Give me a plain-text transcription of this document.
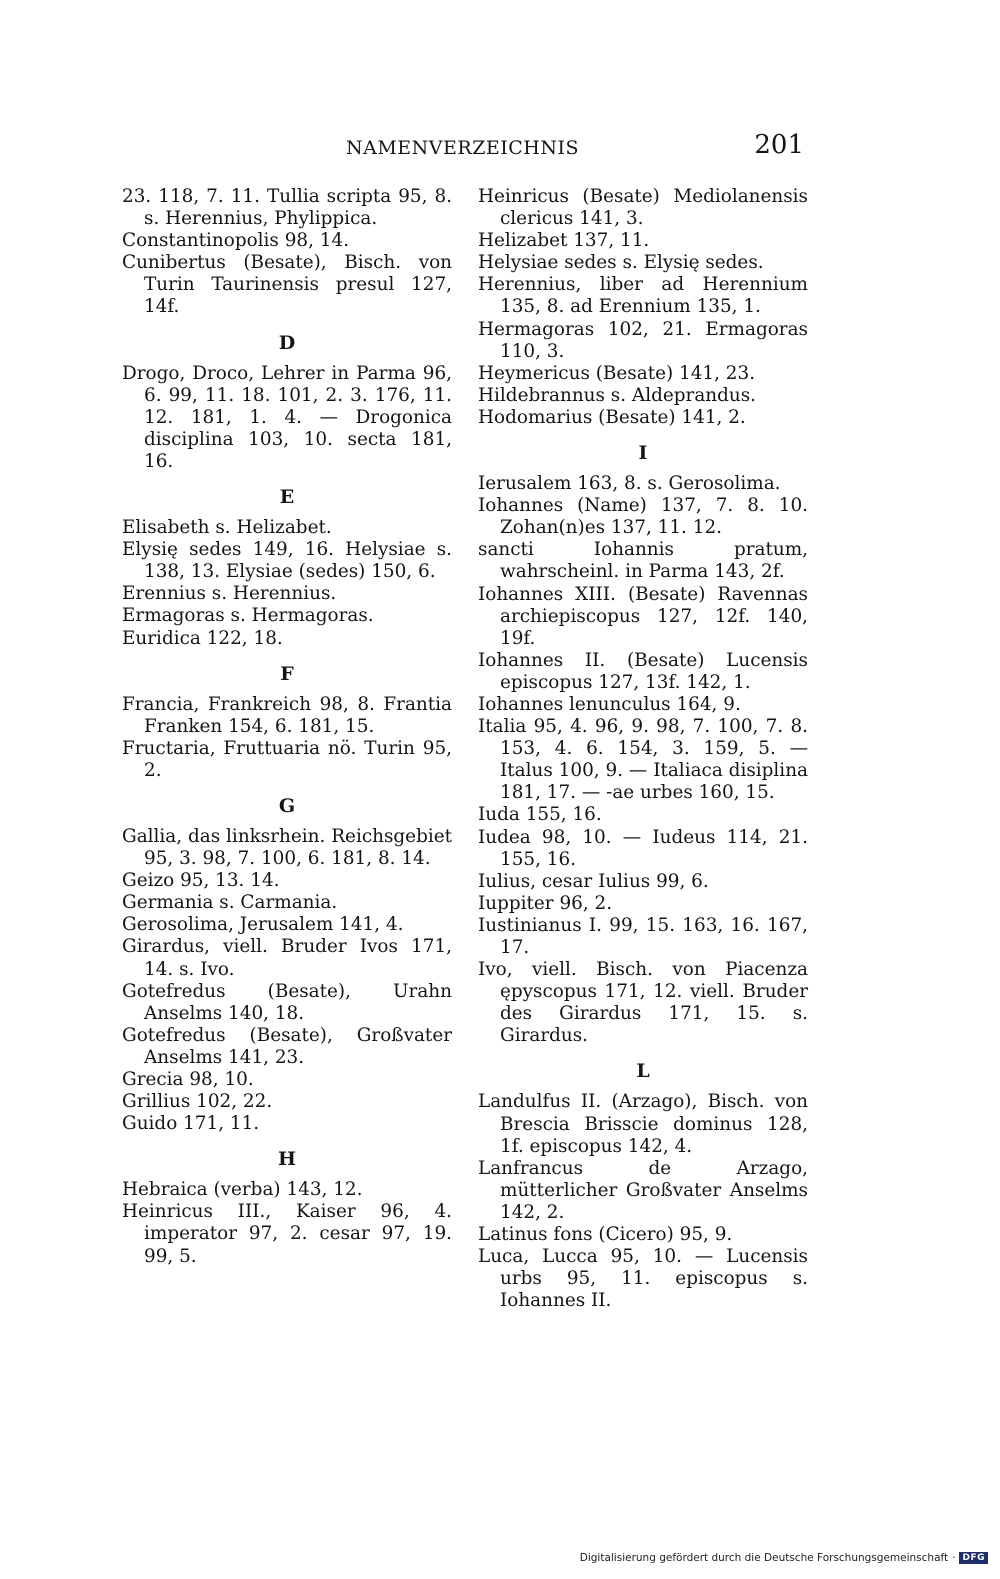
NAMENVERZEICHNIS	201

23. 118, 7. 11. Tullia scripta 95, 8. s. Herennius, Phylippica.

Constantinopolis 98, 14.

Cunibertus (Besate), Bisch. von Turin Taurinensis presul 127, 14f.

D

Drogo, Droco, Lehrer in Parma 96, 6. 99, 11. 18. 101, 2. 3. 176, 11. 12. 181, 1. 4. — Drogonica disciplina 103, 10. secta 181, 16.

E

Elisabeth s. Helizabet.

Elysię sedes 149, 16. Helysiae s. 138, 13. Elysiae (sedes) 150, 6.

Erennius s. Herennius.

Ermagoras s. Hermagoras.

Euridica 122, 18.

F

Francia, Frankreich 98, 8. Frantia Franken 154, 6. 181, 15.

Fructaria, Fruttuaria nö. Turin 95, 2.

G

Gallia, das linksrhein. Reichsgebiet 95, 3. 98, 7. 100, 6. 181, 8. 14.

Geizo 95, 13. 14.

Germania s. Carmania.

Gerosolima, Jerusalem 141, 4.

Girardus, viell. Bruder Ivos 171, 14. s. Ivo.

Gotefredus (Besate), Urahn Anselms 140, 18.

Gotefredus (Besate), Großvater Anselms 141, 23.

Grecia 98, 10.

Grillius 102, 22.

Guido 171, 11.

H

Hebraica (verba) 143, 12.

Heinricus III., Kaiser 96, 4. imperator 97, 2. cesar 97, 19. 99, 5.

Heinricus (Besate) Mediolanensis clericus 141, 3.

Helizabet 137, 11.

Helysiae sedes s. Elysię sedes.

Herennius, liber ad Herennium 135, 8. ad Erennium 135, 1.

Hermagoras 102, 21. Ermagoras 110, 3.

Heymericus (Besate) 141, 23.

Hildebrannus s. Aldeprandus.

Hodomarius (Besate) 141, 2.

I

Ierusalem 163, 8. s. Gerosolima.

Iohannes (Name) 137, 7. 8. 10. Zohan(n)es 137, 11. 12.

sancti Iohannis pratum, wahrscheinl. in Parma 143, 2f.

Iohannes XIII. (Besate) Ravennas archiepiscopus 127, 12f. 140, 19f.

Iohannes II. (Besate) Lucensis episcopus 127, 13f. 142, 1.

Iohannes lenunculus 164, 9.

Italia 95, 4. 96, 9. 98, 7. 100, 7. 8. 153, 4. 6. 154, 3. 159, 5. — Italus 100, 9. — Italiaca disiplina 181, 17. — -ae urbes 160, 15.

Iuda 155, 16.

Iudea 98, 10. — Iudeus 114, 21. 155, 16.

Iulius, cesar Iulius 99, 6.

Iuppiter 96, 2.

Iustinianus I. 99, 15. 163, 16. 167, 17.

Ivo, viell. Bisch. von Piacenza ępyscopus 171, 12. viell. Bruder des Girardus 171, 15. s. Girardus.

L

Landulfus II. (Arzago), Bisch. von Brescia Brisscie dominus 128, 1f. episcopus 142, 4.

Lanfrancus de Arzago, mütterlicher Großvater Anselms 142, 2.

Latinus fons (Cicero) 95, 9.

Luca, Lucca 95, 10. — Lucensis urbs 95, 11. episcopus s. Iohannes II.

Digitalisierung gefördert durch die Deutsche Forschungsgemeinschaft · DFG
